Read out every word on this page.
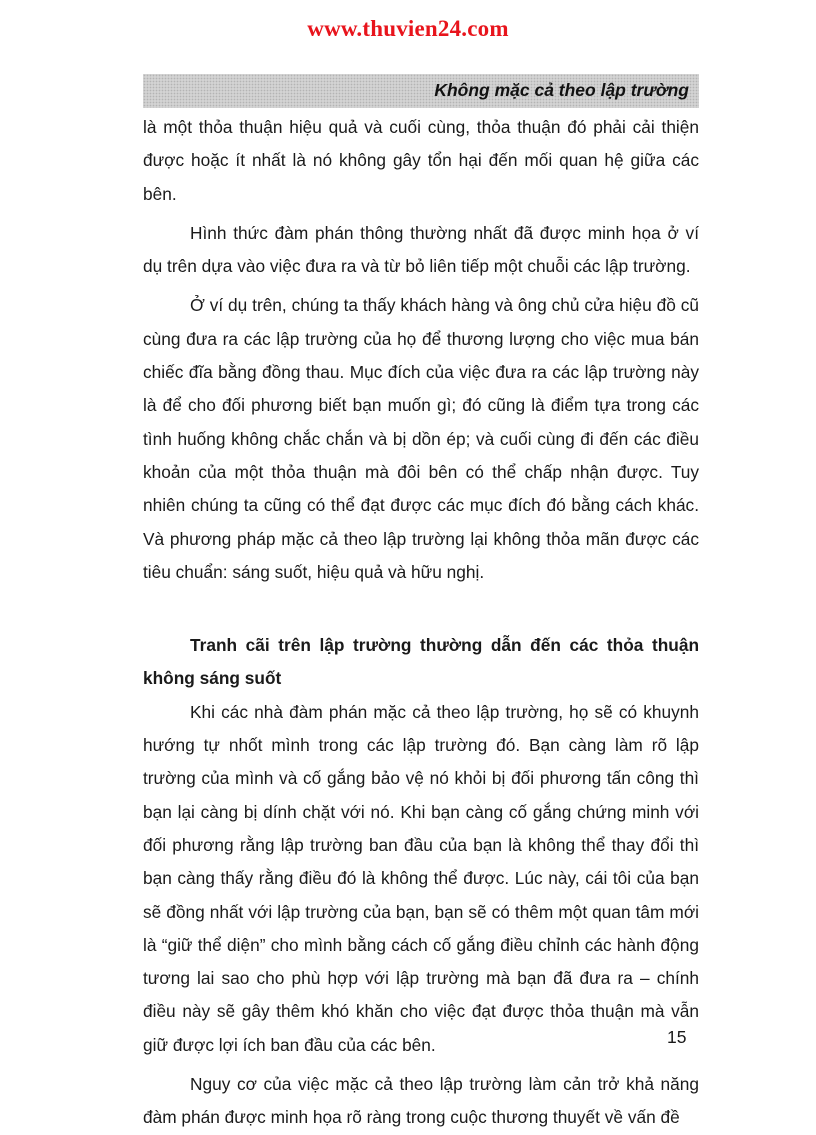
www.thuvien24.com
Không mặc cả theo lập trường

là một thỏa thuận hiệu quả và cuối cùng, thỏa thuận đó phải cải thiện được hoặc ít nhất là nó không gây tổn hại đến mối quan hệ giữa các bên.

Hình thức đàm phán thông thường nhất đã được minh họa ở ví dụ trên dựa vào việc đưa ra và từ bỏ liên tiếp một chuỗi các lập trường.

Ở ví dụ trên, chúng ta thấy khách hàng và ông chủ cửa hiệu đồ cũ cùng đưa ra các lập trường của họ để thương lượng cho việc mua bán chiếc đĩa bằng đồng thau. Mục đích của việc đưa ra các lập trường này là để cho đối phương biết bạn muốn gì; đó cũng là điểm tựa trong các tình huống không chắc chắn và bị dồn ép; và cuối cùng đi đến các điều khoản của một thỏa thuận mà đôi bên có thể chấp nhận được. Tuy nhiên chúng ta cũng có thể đạt được các mục đích đó bằng cách khác. Và phương pháp mặc cả theo lập trường lại không thỏa mãn được các tiêu chuẩn: sáng suốt, hiệu quả và hữu nghị.

Tranh cãi trên lập trường thường dẫn đến các thỏa thuận không sáng suốt

Khi các nhà đàm phán mặc cả theo lập trường, họ sẽ có khuynh hướng tự nhốt mình trong các lập trường đó. Bạn càng làm rõ lập trường của mình và cố gắng bảo vệ nó khỏi bị đối phương tấn công thì bạn lại càng bị dính chặt với nó. Khi bạn càng cố gắng chứng minh với đối phương rằng lập trường ban đầu của bạn là không thể thay đổi thì bạn càng thấy rằng điều đó là không thể được. Lúc này, cái tôi của bạn sẽ đồng nhất với lập trường của bạn, bạn sẽ có thêm một quan tâm mới là “giữ thể diện” cho mình bằng cách cố gắng điều chỉnh các hành động tương lai sao cho phù hợp với lập trường mà bạn đã đưa ra – chính điều này sẽ gây thêm khó khăn cho việc đạt được thỏa thuận mà vẫn giữ được lợi ích ban đầu của các bên.

Nguy cơ của việc mặc cả theo lập trường làm cản trở khả năng đàm phán được minh họa rõ ràng trong cuộc thương thuyết về vấn đề

15
